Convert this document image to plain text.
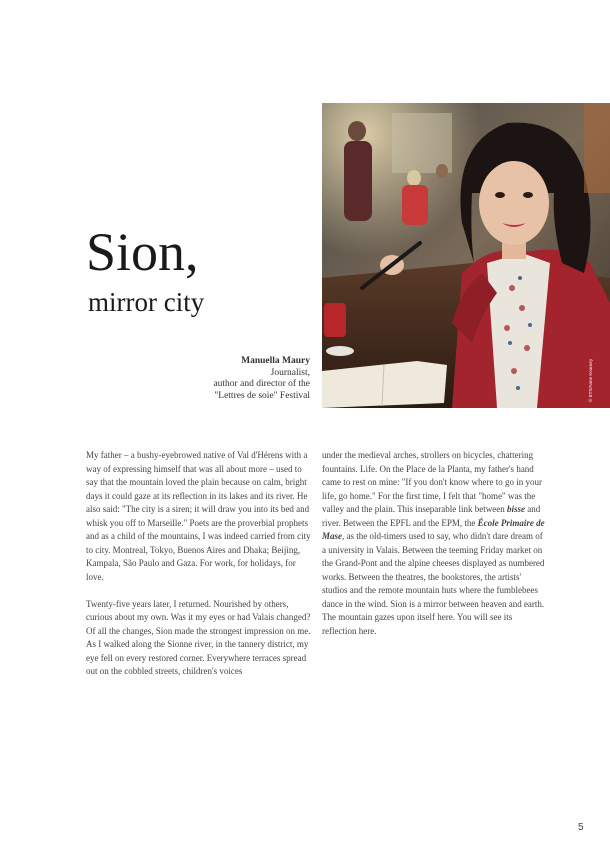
© BTS/Anne Kearney
Sion,
mirror city
Manuella Maury
Journalist,
author and director of the
"Lettres de soie" Festival

My father – a bushy-eyebrowed native of Val d'Hérens with a way of expressing himself that was all about more – used to say that the mountain loved the plain because on calm, bright days it could gaze at its reflection in its lakes and its river. He also said: "The city is a siren; it will draw you into its bed and whisk you off to Marseille." Poets are the proverbial prophets and as a child of the mountains, I was indeed carried from city to city. Montreal, Tokyo, Buenos Aires and Dhaka; Beijing, Kampala, São Paulo and Gaza. For work, for holidays, for love.

Twenty-five years later, I returned. Nourished by others, curious about my own. Was it my eyes or had Valais changed? Of all the changes, Sion made the strongest impression on me. As I walked along the Sionne river, in the tannery district, my eye fell on every restored corner. Everywhere terraces spread out on the cobbled streets, children's voices

under the medieval arches, strollers on bicycles, chattering fountains. Life. On the Place de la Planta, my father's hand came to rest on mine: "If you don't know where to go in your life, go home." For the first time, I felt that "home" was the valley and the plain. This inseparable link between bisse and river. Between the EPFL and the EPM, the École Primaire de Mase, as the old-timers used to say, who didn't dare dream of a university in Valais. Between the teeming Friday market on the Grand-Pont and the alpine cheeses displayed as numbered works. Between the theatres, the bookstores, the artists' studios and the remote mountain huts where the fumblebees dance in the wind. Sion is a mirror between heaven and earth. The mountain gazes upon itself here. You will see its reflection here.

5
